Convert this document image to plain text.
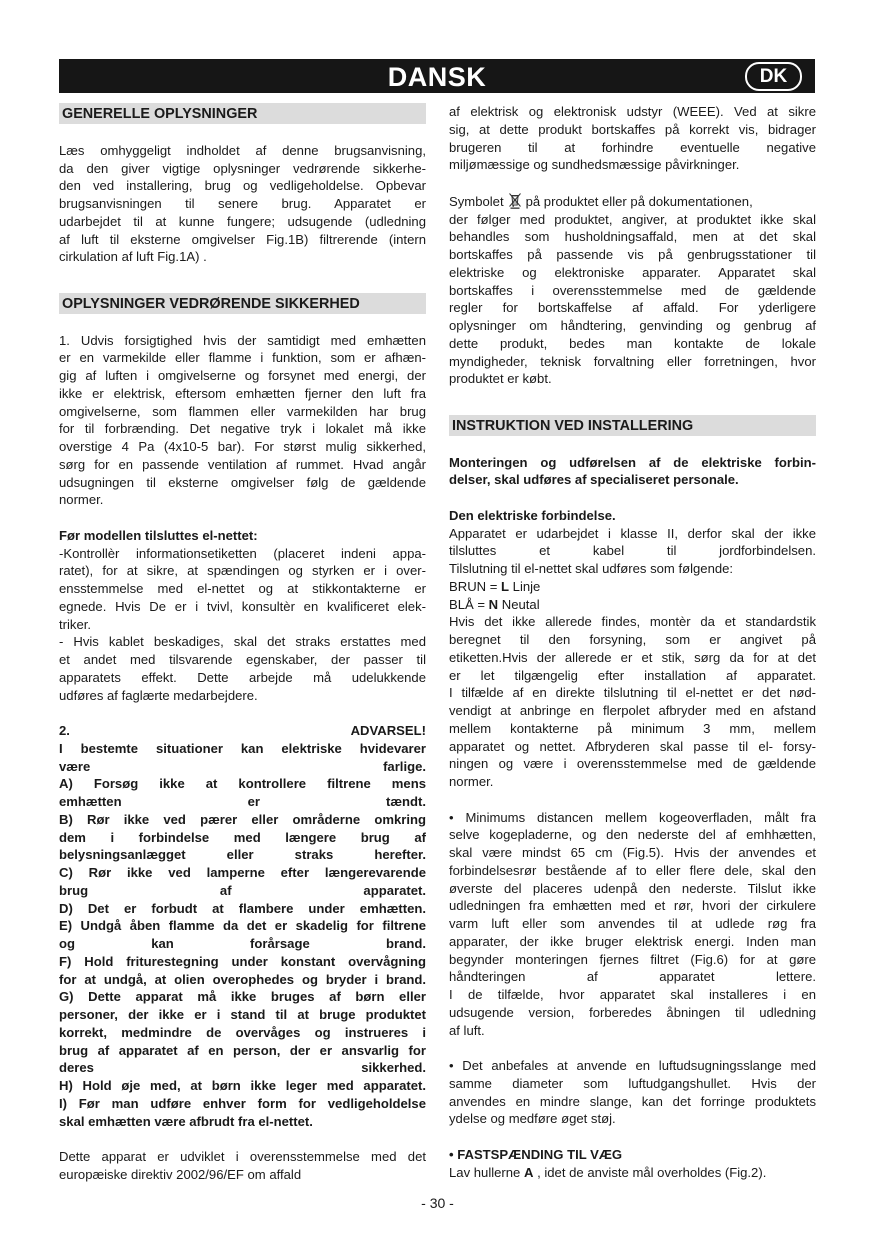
DANSK	DK
GENERELLE OPLYSNINGER

Læs omhyggeligt indholdet af denne brugsanvisning,

da den giver vigtige oplysninger vedrørende sikkerhe-

den ved installering, brug og vedligeholdelse. Opbevar

brugsanvisningen til senere brug. Apparatet er

udarbejdet til at kunne fungere; udsugende (udledning

af luft til eksterne omgivelser Fig.1B) filtrerende (intern

cirkulation af luft Fig.1A) .

OPLYSNINGER VEDRØRENDE SIKKERHED

1. Udvis forsigtighed hvis der samtidigt med emhætten

er en varmekilde eller flamme i funktion, som er afhæn-

gig af luften i omgivelserne og forsynet med energi, der

ikke er elektrisk, eftersom emhætten fjerner den luft fra

omgivelserne, som flammen eller varmekilden har brug

for til forbrænding. Det negative tryk i lokalet må ikke

overstige 4 Pa (4x10-5 bar). For størst mulig sikkerhed,

sørg for en passende ventilation af rummet. Hvad angår

udsugningen til eksterne omgivelser følg de gældende

normer.

Før modellen tilsluttes el-nettet:

-Kontrollèr informationsetiketten (placeret indeni appa-

ratet), for at sikre, at spændingen og styrken er i over-

ensstemmelse med el-nettet og at stikkontakterne er

egnede. Hvis De er i tvivl, konsultèr en kvalificeret elek-

triker.

- Hvis kablet beskadiges, skal det straks erstattes med

et andet med tilsvarende egenskaber, der passer til

apparatets effekt. Dette arbejde må udelukkende

udføres af faglærte medarbejdere.

2. ADVARSEL!

I bestemte situationer kan elektriske hvidevarer

være farlige.

A) Forsøg ikke at kontrollere filtrene mens

emhætten er tændt.

B) Rør ikke ved pærer eller områderne omkring

dem i forbindelse med længere brug af

belysningsanlægget eller straks herefter.

C) Rør ikke ved lamperne efter længerevarende

brug af apparatet.

D) Det er forbudt at flambere under emhætten.

E) Undgå åben flamme da det er skadelig for filtrene

og kan forårsage brand.

F) Hold friturestegning under konstant overvågning

for at undgå, at olien overophedes og bryder i brand.

G) Dette apparat må ikke bruges af børn eller

personer, der ikke er i stand til at bruge produktet

korrekt, medmindre de overvåges og instrueres i

brug af apparatet af en person, der er ansvarlig for

deres sikkerhed.

H) Hold øje med, at børn ikke leger med apparatet.

I) Før man udføre enhver form for vedligeholdelse

skal emhætten være afbrudt fra el-nettet.

Dette apparat er udviklet i overensstemmelse med det

europæiske direktiv 2002/96/EF om affald

af elektrisk og elektronisk udstyr (WEEE). Ved at sikre

sig, at dette produkt bortskaffes på korrekt vis, bidrager

brugeren til at forhindre eventuelle negative

miljømæssige og sundhedsmæssige påvirkninger.

Symbolet på produktet eller på dokumentationen,

der følger med produktet, angiver, at produktet ikke skal

behandles som husholdningsaffald, men at det skal

bortskaffes på passende vis på genbrugsstationer til

elektriske og elektroniske apparater. Apparatet skal

bortskaffes i overensstemmelse med de gældende

regler for bortskaffelse af affald. For yderligere

oplysninger om håndtering, genvinding og genbrug af

dette produkt, bedes man kontakte de lokale

myndigheder, teknisk forvaltning eller forretningen, hvor

produktet er købt.

INSTRUKTION VED INSTALLERING

Monteringen og udførelsen af de elektriske forbin-

delser, skal udføres af specialiseret personale.

Den elektriske forbindelse.

Apparatet er udarbejdet i klasse II, derfor skal der ikke

tilsluttes et kabel til jordforbindelsen.

Tilslutning til el-nettet skal udføres som følgende:

BRUN = L Linje

BLÅ = N Neutal

Hvis det ikke allerede findes, montèr da et standardstik

beregnet til den forsyning, som er angivet på

etiketten.Hvis der allerede er et stik, sørg da for at det

er let tilgængelig efter installation af apparatet.

I tilfælde af en direkte tilslutning til el-nettet er det nød-

vendigt at anbringe en flerpolet afbryder med en afstand

mellem kontakterne på minimum 3 mm, mellem

apparatet og nettet. Afbryderen skal passe til el- forsy-

ningen og være i overensstemmelse med de gældende

normer.

• Minimums distancen mellem kogeoverfladen, målt fra

selve kogepladerne, og den nederste del af emhhætten,

skal være mindst 65 cm (Fig.5). Hvis der anvendes et

forbindelsesrør bestående af to eller flere dele, skal den

øverste del placeres udenpå den nederste. Tilslut ikke

udledningen fra emhætten med et rør, hvori der cirkulere

varm luft eller som anvendes til at udlede røg fra

apparater, der ikke bruger elektrisk energi. Inden man

begynder monteringen fjernes filtret (Fig.6) for at gøre

håndteringen af apparatet lettere.

I de tilfælde, hvor apparatet skal installeres i en

udsugende version, forberedes åbningen til udledning

af luft.

• Det anbefales at anvende en luftudsugningsslange med

samme diameter som luftudgangshullet. Hvis der

anvendes en mindre slange, kan det forringe produktets

ydelse og medføre øget støj.

• FASTSPÆNDING TIL VÆG

Lav hullerne A , idet de anviste mål overholdes (Fig.2).

- 30 -
